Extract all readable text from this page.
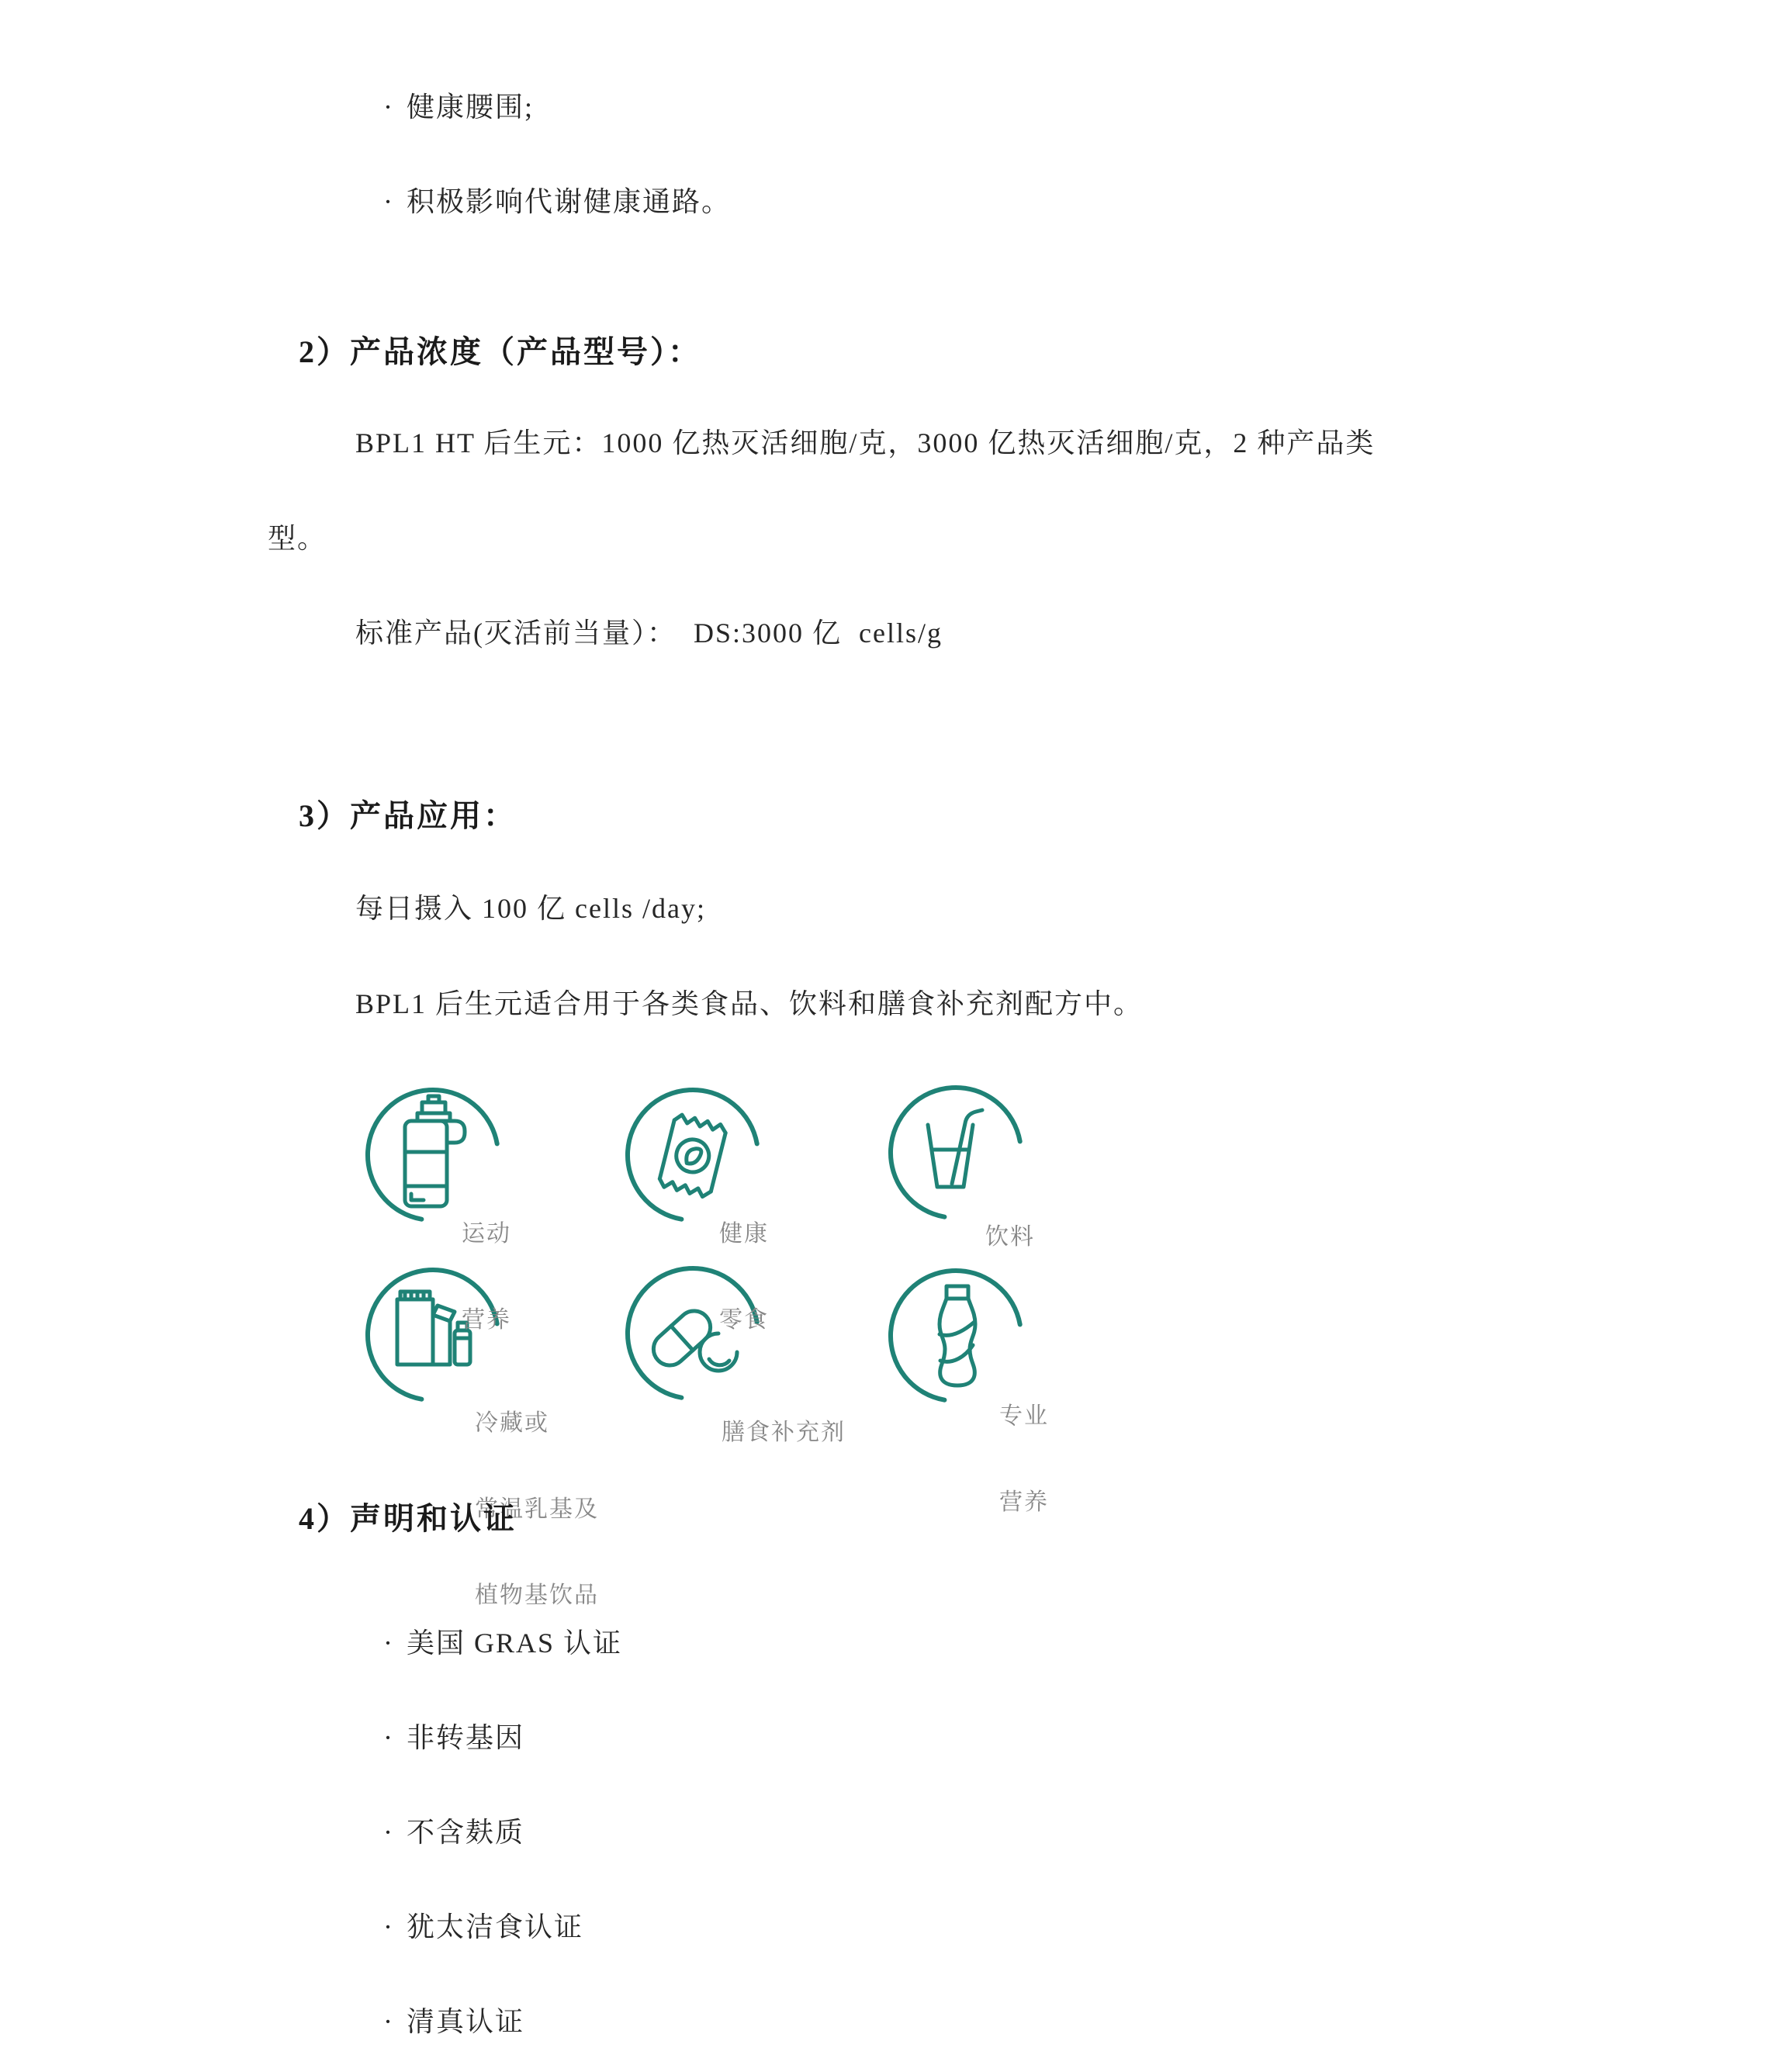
· 健康腰围;

· 积极影响代谢健康通路。

2）产品浓度（产品型号）：
BPL1 HT 后生元：1000 亿热灭活细胞/克，3000 亿热灭活细胞/克，2 种产品类
型。
标准产品(灭活前当量）：  DS:3000 亿  cells/g
3）产品应用：
每日摄入 100 亿 cells /day;
BPL1 后生元适合用于各类食品、饮料和膳食补充剂配方中。

运动

营养

健康

零食

饮料

冷藏或

常温乳基及

植物基饮品

膳食补充剂

专业

营养

4）声明和认证

· 美国 GRAS 认证

· 非转基因

· 不含麸质

· 犹太洁食认证

· 清真认证
